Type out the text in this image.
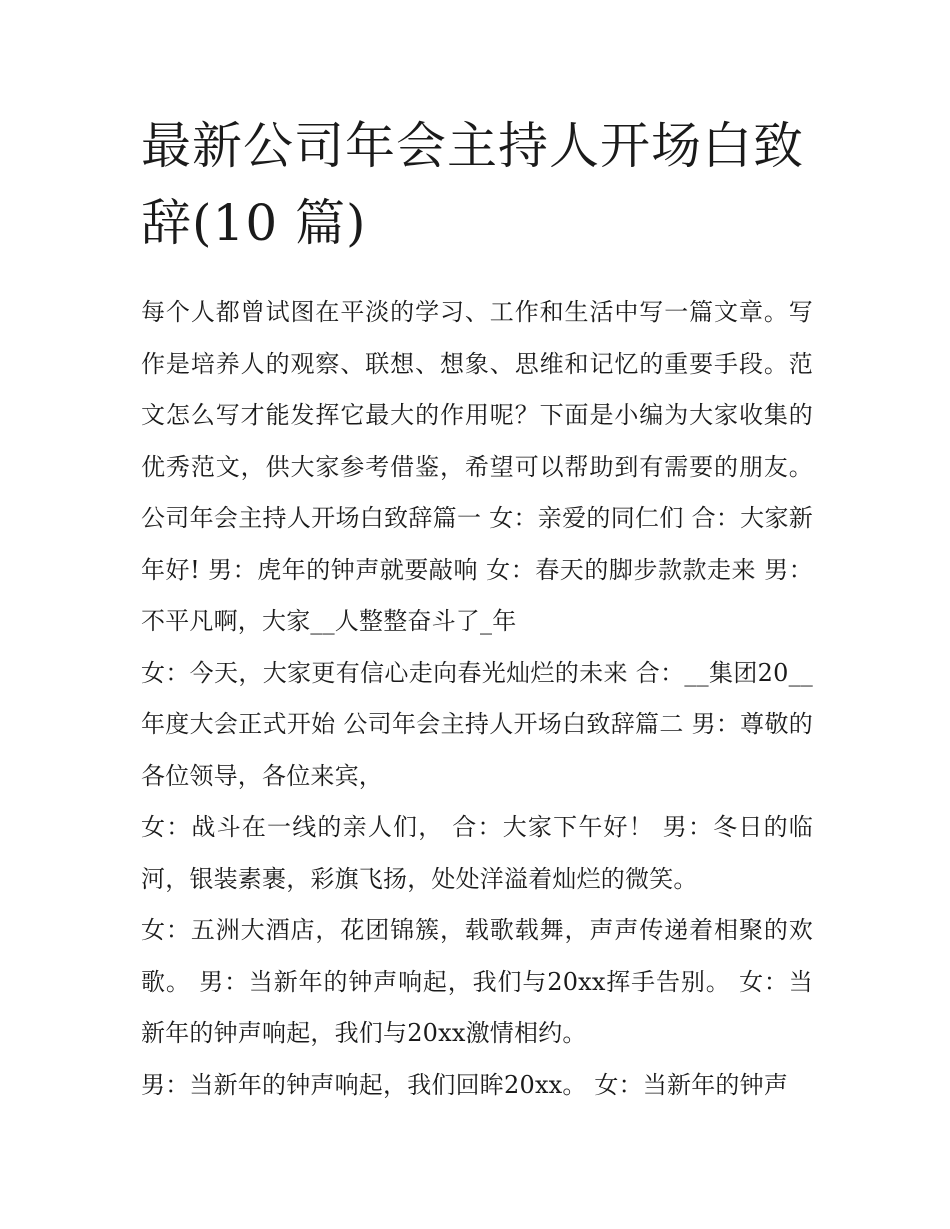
最新公司年会主持人开场白致
辞(10 篇)

每个人都曾试图在平淡的学习、工作和生活中写一篇文章。写作是培养人的观察、联想、想象、思维和记忆的重要手段。范文怎么写才能发挥它最大的作用呢？下面是小编为大家收集的优秀范文，供大家参考借鉴，希望可以帮助到有需要的朋友。公司年会主持人开场白致辞篇一 女：亲爱的同仁们 合：大家新年好! 男：虎年的钟声就要敲响 女：春天的脚步款款走来 男：不平凡啊，大家__人整整奋斗了_年

女：今天，大家更有信心走向春光灿烂的未来 合：__集团20__年度大会正式开始 公司年会主持人开场白致辞篇二 男：尊敬的各位领导，各位来宾，

女：战斗在一线的亲人们， 合：大家下午好！ 男：冬日的临河，银装素裹，彩旗飞扬，处处洋溢着灿烂的微笑。

女：五洲大酒店，花团锦簇，载歌载舞，声声传递着相聚的欢歌。 男：当新年的钟声响起，我们与20xx挥手告别。 女：当新年的钟声响起，我们与20xx激情相约。

男：当新年的钟声响起，我们回眸20xx。 女：当新年的钟声
